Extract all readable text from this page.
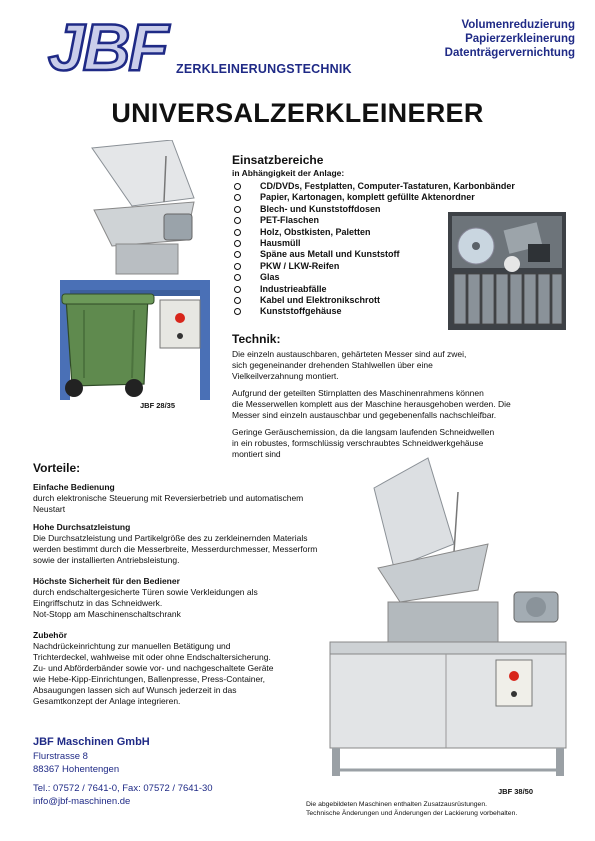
JBF ZERKLEINERUNGSTECHNIK
Volumenreduzierung
Papierzerkleinerung
Datenträgervernichtung
UNIVERSALZERKLEINERER
JBF 28/35
Einsatzbereiche
in Abhängigkeit der Anlage:
CD/DVDs, Festplatten, Computer-Tastaturen, Karbonbänder
Papier, Kartonagen, komplett gefüllte Aktenordner
Blech- und Kunststoffdosen
PET-Flaschen
Holz, Obstkisten, Paletten
Hausmüll
Späne aus Metall und Kunststoff
PKW / LKW-Reifen
Glas
Industrieabfälle
Kabel und Elektronikschrott
Kunststoffgehäuse
Technik:
Die einzeln austauschbaren, gehärteten Messer sind auf zwei,
sich gegeneinander drehenden Stahlwellen über eine
Vielkeilverzahnung montiert.
Aufgrund der geteilten Stirnplatten des Maschinenrahmens können
die Messerwellen komplett aus der Maschine herausgehoben werden. Die
Messer sind einzeln austauschbar und gegebenenfalls nachschleifbar.
Geringe Geräuschemission, da die langsam laufenden Schneidwellen
in ein robustes, formschlüssig verschraubtes Schneidwerkgehäuse
montiert sind
Vorteile:
Einfache Bedienung
durch elektronische Steuerung mit Reversierbetrieb und automatischem
Neustart
Hohe Durchsatzleistung
Die Durchsatzleistung und Partikelgröße des zu zerkleinernden Materials
werden bestimmt durch die Messerbreite, Messerdurchmesser, Messerform
sowie der installierten Antriebsleistung.
Höchste Sicherheit für den Bediener
durch endschaltergesicherte Türen sowie Verkleidungen als
Eingriffschutz in das Schneidwerk.
Not-Stopp am Maschinenschaltschrank
Zubehör
Nachdrückeinrichtung zur manuellen Betätigung und
Trichterdeckel, wahlweise mit oder ohne Endschaltersicherung.
Zu- und Abförderbänder sowie vor- und nachgeschaltete Geräte
wie Hebe-Kipp-Einrichtungen, Ballenpresse, Press-Container,
Absaugungen lassen sich auf Wunsch jederzeit in das
Gesamtkonzept der Anlage integrieren.
JBF 38/50
JBF Maschinen GmbH
Flurstrasse 8
88367 Hohentengen
Tel.: 07572 / 7641-0, Fax: 07572 / 7641-30
info@jbf-maschinen.de	Die abgebildeten Maschinen enthalten Zusatzausrüstungen.
Technische Änderungen und Änderungen der Lackierung vorbehalten.
